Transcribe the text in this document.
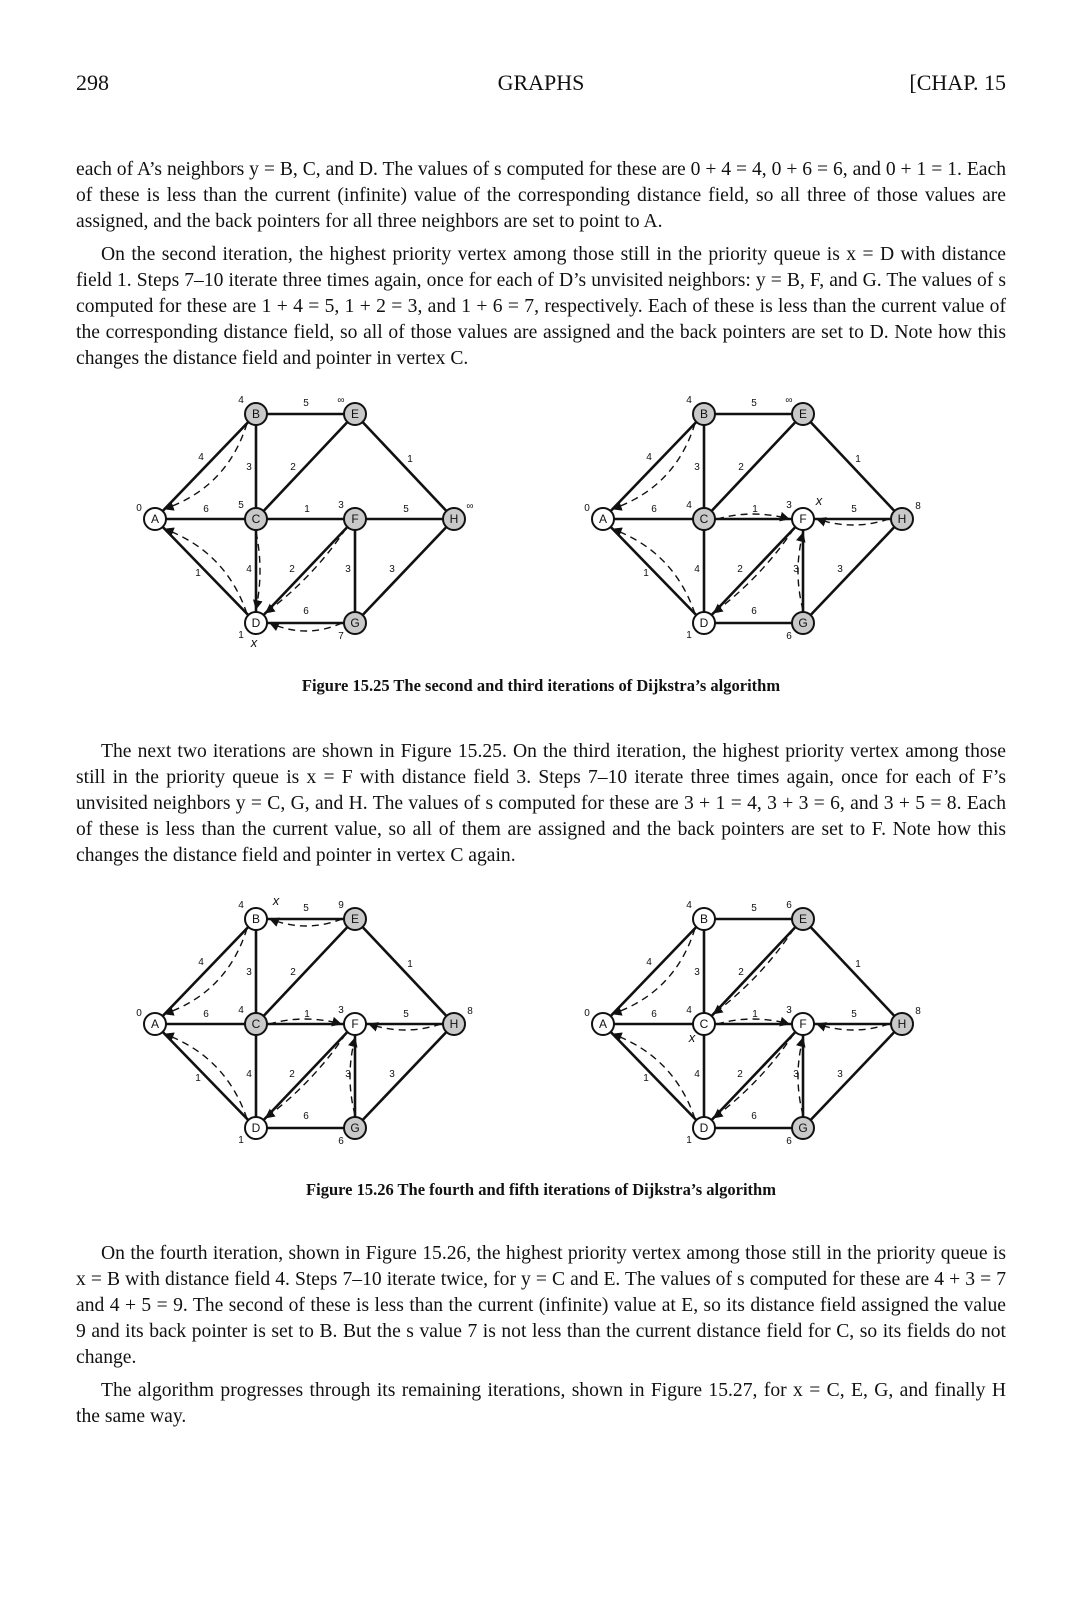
298	GRAPHS	[CHAP. 15

each of A’s neighbors y = B, C, and D. The values of s computed for these are 0 + 4 = 4, 0 + 6 = 6, and 0 + 1 = 1. Each of these is less than the current (infinite) value of the corresponding distance field, so all three of those values are assigned, and the back pointers for all three neighbors are set to point to A.

On the second iteration, the highest priority vertex among those still in the priority queue is x = D with distance field 1. Steps 7–10 iterate three times again, once for each of D’s unvisited neighbors: y = B, F, and G. The values of s computed for these are 1 + 4 = 5, 1 + 2 = 3, and 1 + 6 = 7, respectively. Each of these is less than the current value of the corresponding distance field, so all of those values are assigned and the back pointers are set to D. Note how this changes the distance field and pointer in vertex C.

4
6
1
5
3	2
1
4	2
6
3
5
1
3
A
0
B
4
C
5
D
1
E
∞
F
3
G
7
H
∞
x
4
6
1
5
3	2
1
4	2
6
3
5
1
3
A
0
B
4
C
4
D
1
E
∞
F
3
G
6
H
8
x

Figure 15.25 The second and third iterations of Dijkstra’s algorithm

The next two iterations are shown in Figure 15.25. On the third iteration, the highest priority vertex among those still in the priority queue is x = F with distance field 3. Steps 7–10 iterate three times again, once for each of F’s unvisited neighbors y = C, G, and H. The values of s computed for these are 3 + 1 = 4, 3 + 3 = 6, and 3 + 5 = 8. Each of these is less than the current value, so all of them are assigned and the back pointers are set to F. Note how this changes the distance field and pointer in vertex C again.

4
6
1
5
3	2
1
4	2
6
3
5
1
3
A
0
B
4
C
4
D
1
E
9
F
3
G
6
H
8
x
4
6
1
5
3	2
1
4	2
6
3
5
1
3
A
0
B
4
C
4
D
1
E
6
F
3
G
6
H
8
x

Figure 15.26 The fourth and fifth iterations of Dijkstra’s algorithm

On the fourth iteration, shown in Figure 15.26, the highest priority vertex among those still in the priority queue is x = B with distance field 4. Steps 7–10 iterate twice, for y = C and E. The values of s computed for these are 4 + 3 = 7 and 4 + 5 = 9. The second of these is less than the current (infinite) value at E, so its distance field assigned the value 9 and its back pointer is set to B. But the s value 7 is not less than the current distance field for C, so its fields do not change.

The algorithm progresses through its remaining iterations, shown in Figure 15.27, for x = C, E, G, and finally H the same way.
